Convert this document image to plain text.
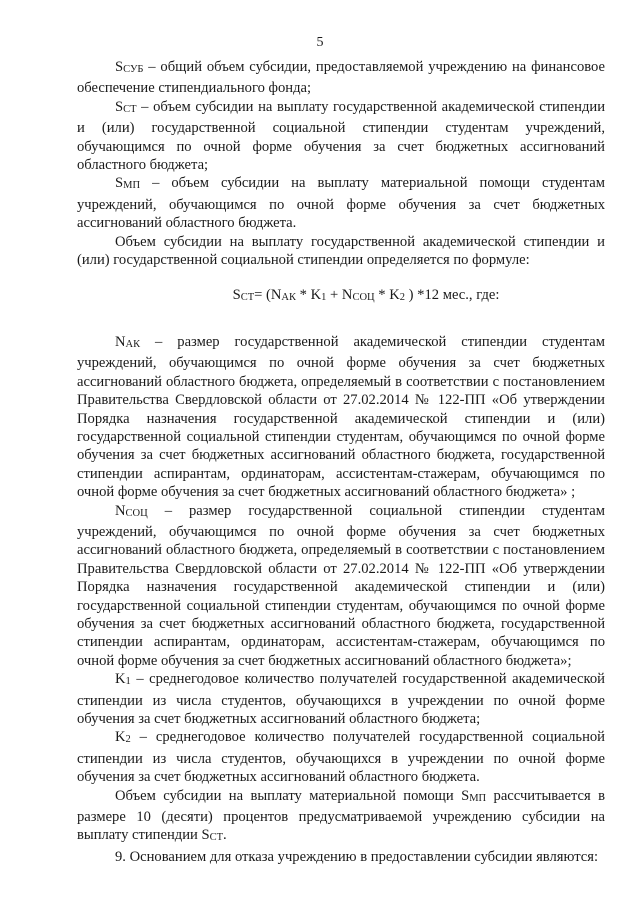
5

SСУБ – общий объем субсидии, предоставляемой учреждению на финансовое обеспечение стипендиального фонда;

SСТ – объем субсидии на выплату государственной академической стипендии и (или) государственной социальной стипендии студентам учреждений, обучающимся по очной форме обучения за счет бюджетных ассигнований областного бюджета;

SМП – объем субсидии на выплату материальной помощи студентам учреждений, обучающимся по очной форме обучения за счет бюджетных ассигнований областного бюджета.

Объем субсидии на выплату государственной академической стипендии и (или) государственной социальной стипендии определяется по формуле:

SСТ= (NАК * K1 + NСОЦ * K2 ) *12 мес., где:

NАК – размер государственной академической стипендии студентам учреждений, обучающимся по очной форме обучения за счет бюджетных ассигнований областного бюджета, определяемый в соответствии с постановлением Правительства Свердловской области от 27.02.2014 № 122-ПП «Об утверждении Порядка назначения государственной академической стипендии и (или) государственной социальной стипендии студентам, обучающимся по очной форме обучения за счет бюджетных ассигнований областного бюджета, государственной стипендии аспирантам, ординаторам, ассистентам-стажерам, обучающимся по очной форме обучения за счет бюджетных ассигнований областного бюджета» ;

NСОЦ – размер государственной социальной стипендии студентам учреждений, обучающимся по очной форме обучения за счет бюджетных ассигнований областного бюджета, определяемый в соответствии с постановлением Правительства Свердловской области от 27.02.2014 № 122-ПП «Об утверждении Порядка назначения государственной академической стипендии и (или) государственной социальной стипендии студентам, обучающимся по очной форме обучения за счет бюджетных ассигнований областного бюджета, государственной стипендии аспирантам, ординаторам, ассистентам-стажерам, обучающимся по очной форме обучения за счет бюджетных ассигнований областного бюджета»;

K1 – среднегодовое количество получателей государственной академической стипендии из числа студентов, обучающихся в учреждении по очной форме обучения за счет бюджетных ассигнований областного бюджета;

K2 – среднегодовое количество получателей государственной социальной стипендии из числа студентов, обучающихся в учреждении по очной форме обучения за счет бюджетных ассигнований областного бюджета.

Объем субсидии на выплату материальной помощи SМП рассчитывается в размере 10 (десяти) процентов предусматриваемой учреждению субсидии на выплату стипендии SСТ.

9. Основанием для отказа учреждению в предоставлении субсидии являются:
